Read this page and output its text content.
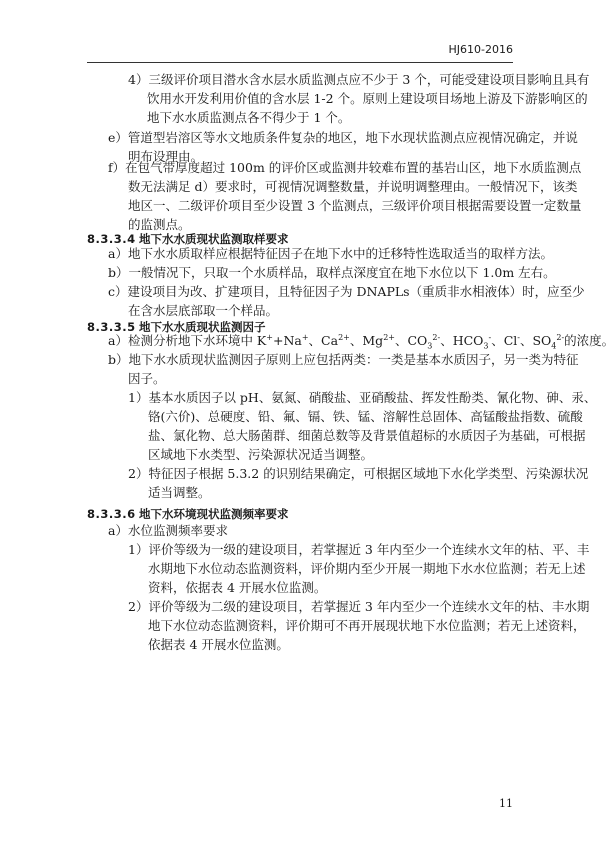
HJ610-2016
4）三级评价项目潜水含水层水质监测点应不少于 3 个，可能受建设项目影响且具有
饮用水开发利用价值的含水层 1-2 个。原则上建设项目场地上游及下游影响区的
地下水水质监测点各不得少于 1 个。
e）管道型岩溶区等水文地质条件复杂的地区，地下水现状监测点应视情况确定，并说
明布设理由。
f）在包气带厚度超过 100m 的评价区或监测井较难布置的基岩山区，地下水质监测点
数无法满足 d）要求时，可视情况调整数量，并说明调整理由。一般情况下，该类
地区一、二级评价项目至少设置 3 个监测点，三级评价项目根据需要设置一定数量
的监测点。
8.3.3.4 地下水水质现状监测取样要求
a）地下水水质取样应根据特征因子在地下水中的迁移特性选取适当的取样方法。
b）一般情况下，只取一个水质样品，取样点深度宜在地下水位以下 1.0m 左右。
c）建设项目为改、扩建项目，且特征因子为 DNAPLs（重质非水相液体）时，应至少
在含水层底部取一个样品。
8.3.3.5 地下水水质现状监测因子
a）检测分析地下水环境中 K++Na+、$Ca^{2+}$、$Mg^{2+}$、$CO_3^{2-}$、$HCO_3^-$、Cl-、$SO_4^{2-}$的浓度。
b）地下水水质现状监测因子原则上应包括两类：一类是基本水质因子，另一类为特征
因子。
1）基本水质因子以 pH、氨氮、硝酸盐、亚硝酸盐、挥发性酚类、氰化物、砷、汞、
铬(六价)、总硬度、铅、氟、镉、铁、锰、溶解性总固体、高锰酸盐指数、硫酸
盐、氯化物、总大肠菌群、细菌总数等及背景值超标的水质因子为基础，可根据
区域地下水类型、污染源状况适当调整。
2）特征因子根据 5.3.2 的识别结果确定，可根据区域地下水化学类型、污染源状况
适当调整。
8.3.3.6 地下水环境现状监测频率要求
a）水位监测频率要求
1）评价等级为一级的建设项目，若掌握近 3 年内至少一个连续水文年的枯、平、丰
水期地下水位动态监测资料，评价期内至少开展一期地下水水位监测；若无上述
资料，依据表 4 开展水位监测。
2）评价等级为二级的建设项目，若掌握近 3 年内至少一个连续水文年的枯、丰水期
地下水位动态监测资料，评价期可不再开展现状地下水位监测；若无上述资料，
依据表 4 开展水位监测。
11
